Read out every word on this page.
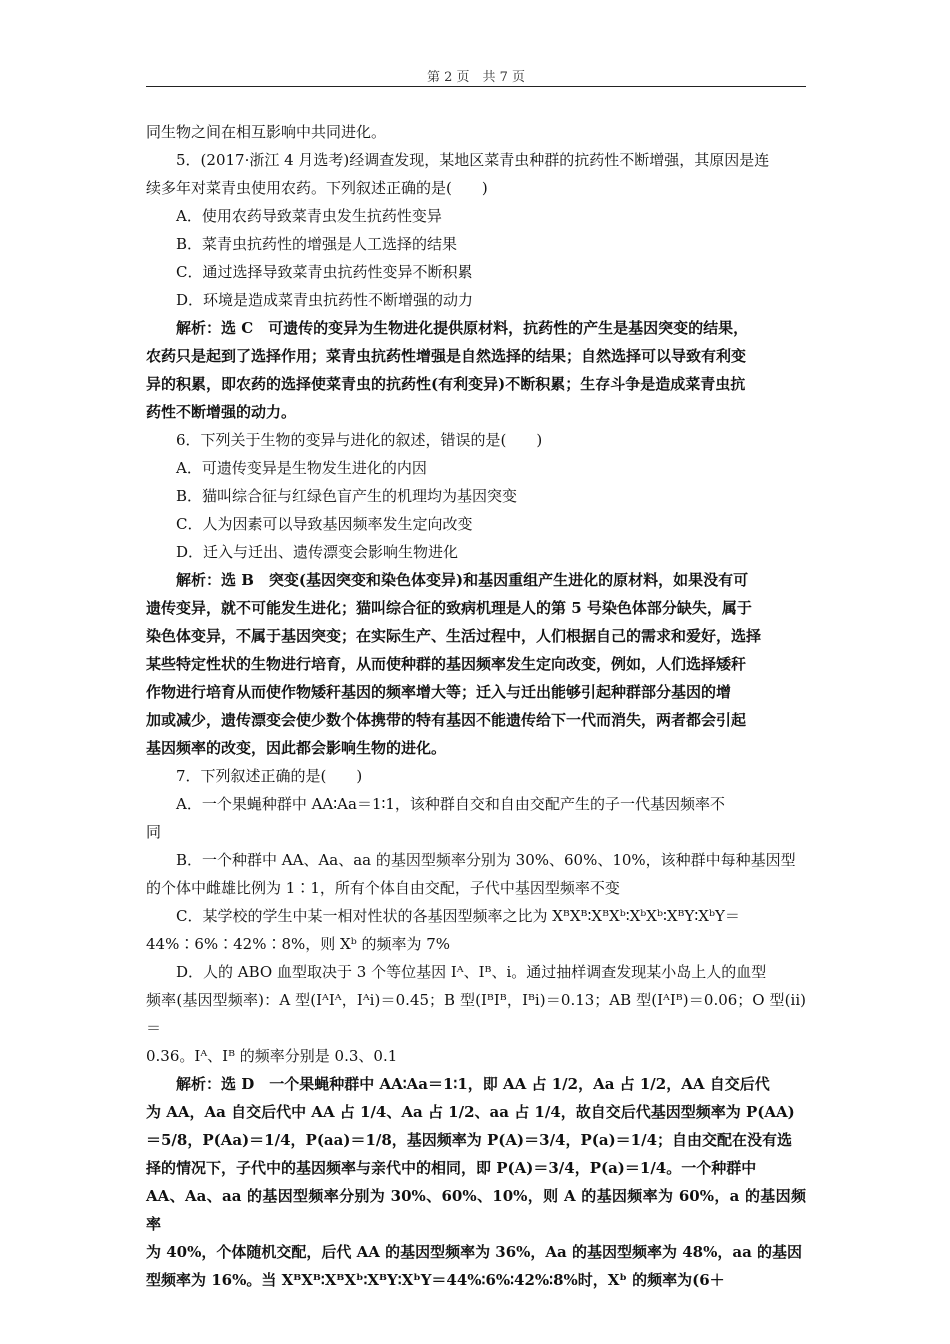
第 2 页　共 7 页

同生物之间在相互影响中共同进化。

5．(2017·浙江 4 月选考)经调查发现，某地区菜青虫种群的抗药性不断增强，其原因是连

续多年对菜青虫使用农药。下列叙述正确的是(　　)

A．使用农药导致菜青虫发生抗药性变异

B．菜青虫抗药性的增强是人工选择的结果

C．通过选择导致菜青虫抗药性变异不断积累

D．环境是造成菜青虫抗药性不断增强的动力

解析：选 C　可遗传的变异为生物进化提供原材料，抗药性的产生是基因突变的结果，

农药只是起到了选择作用；菜青虫抗药性增强是自然选择的结果；自然选择可以导致有利变

异的积累，即农药的选择使菜青虫的抗药性(有利变异)不断积累；生存斗争是造成菜青虫抗

药性不断增强的动力。

6．下列关于生物的变异与进化的叙述，错误的是(　　)

A．可遗传变异是生物发生进化的内因

B．猫叫综合征与红绿色盲产生的机理均为基因突变

C．人为因素可以导致基因频率发生定向改变

D．迁入与迁出、遗传漂变会影响生物进化

解析：选 B　突变(基因突变和染色体变异)和基因重组产生进化的原材料，如果没有可

遗传变异，就不可能发生进化；猫叫综合征的致病机理是人的第 5 号染色体部分缺失，属于

染色体变异，不属于基因突变；在实际生产、生活过程中，人们根据自己的需求和爱好，选择

某些特定性状的生物进行培育，从而使种群的基因频率发生定向改变，例如，人们选择矮秆

作物进行培育从而使作物矮秆基因的频率增大等；迁入与迁出能够引起种群部分基因的增

加或减少，遗传漂变会使少数个体携带的特有基因不能遗传给下一代而消失，两者都会引起

基因频率的改变，因此都会影响生物的进化。

7．下列叙述正确的是(　　)

A．一个果蝇种群中 AA∶Aa＝1∶1，该种群自交和自由交配产生的子一代基因频率不

同

B．一个种群中 AA、Aa、aa 的基因型频率分别为 30%、60%、10%，该种群中每种基因型

的个体中雌雄比例为 1∶1，所有个体自由交配，子代中基因型频率不变

C．某学校的学生中某一相对性状的各基因型频率之比为 XᴮXᴮ∶XᴮXᵇ∶XᵇXᵇ∶XᴮY∶XᵇY＝

44%∶6%∶42%∶8%，则 Xᵇ 的频率为 7%

D．人的 ABO 血型取决于 3 个等位基因 Iᴬ、Iᴮ、i。通过抽样调查发现某小岛上人的血型

频率(基因型频率)：A 型(IᴬIᴬ，Iᴬi)＝0.45；B 型(IᴮIᴮ，Iᴮi)＝0.13；AB 型(IᴬIᴮ)＝0.06；O 型(ii)＝

0.36。Iᴬ、Iᴮ 的频率分别是 0.3、0.1

解析：选 D　一个果蝇种群中 AA∶Aa＝1∶1，即 AA 占 1/2，Aa 占 1/2，AA 自交后代

为 AA，Aa 自交后代中 AA 占 1/4、Aa 占 1/2、aa 占 1/4，故自交后代基因型频率为 P(AA)

＝5/8，P(Aa)＝1/4，P(aa)＝1/8，基因频率为 P(A)＝3/4，P(a)＝1/4；自由交配在没有选

择的情况下，子代中的基因频率与亲代中的相同，即 P(A)＝3/4，P(a)＝1/4。一个种群中

AA、Aa、aa 的基因型频率分别为 30%、60%、10%，则 A 的基因频率为 60%，a 的基因频率

为 40%，个体随机交配，后代 AA 的基因型频率为 36%，Aa 的基因型频率为 48%，aa 的基因

型频率为 16%。当 XᴮXᴮ∶XᴮXᵇ∶XᴮY∶XᵇY＝44%∶6%∶42%∶8%时，Xᵇ 的频率为(6＋
